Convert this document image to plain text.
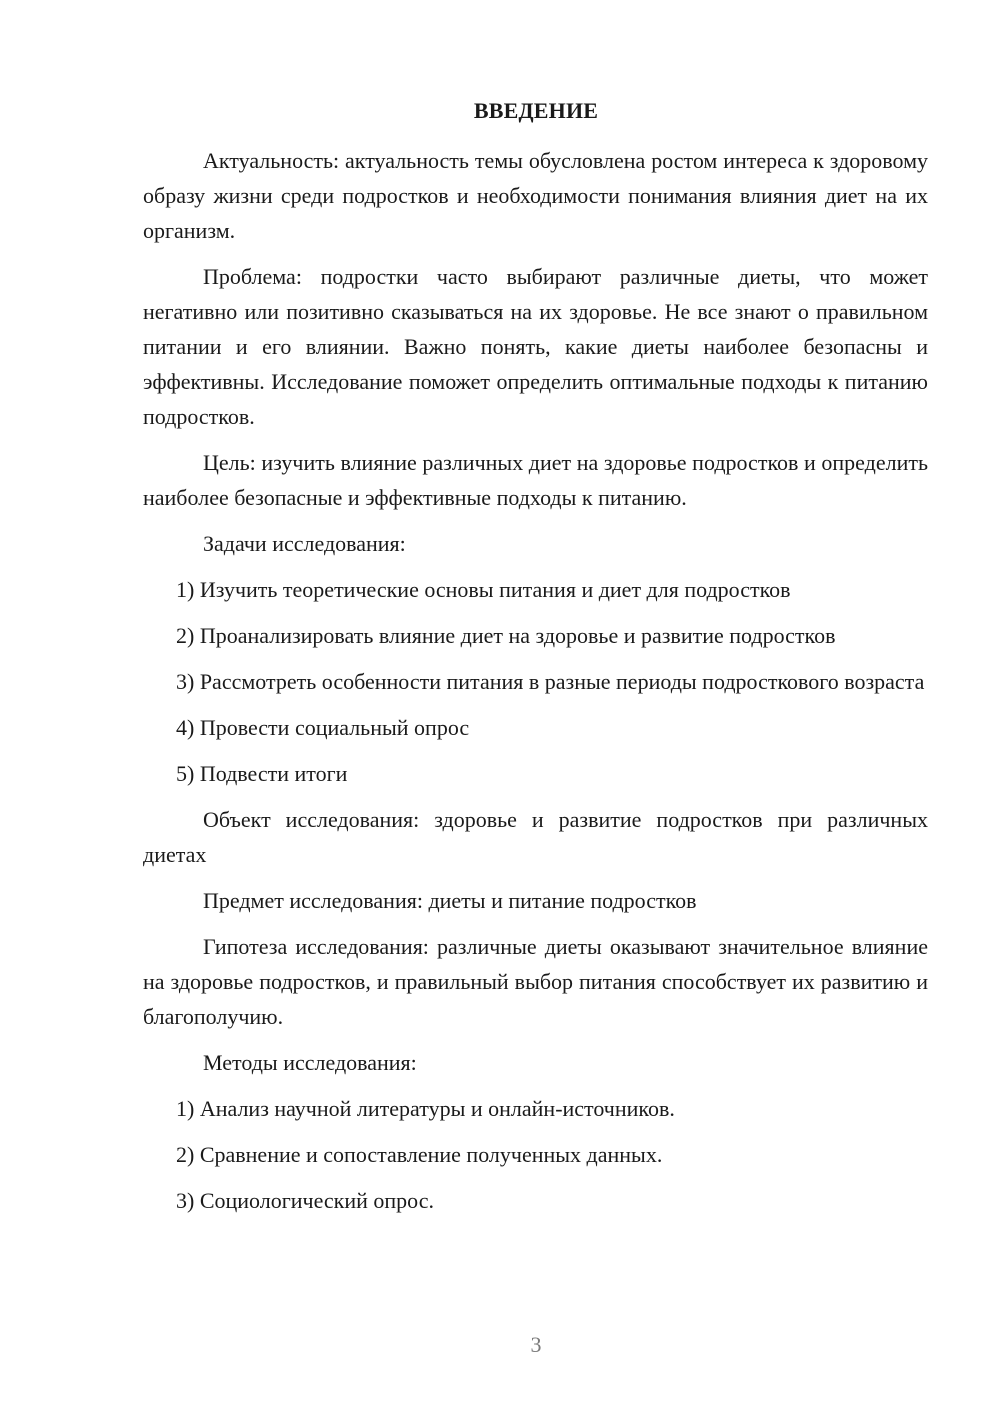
ВВЕДЕНИЕ

Актуальность: актуальность темы обусловлена ростом интереса к здоровому образу жизни среди подростков и необходимости понимания влияния диет на их организм.

Проблема: подростки часто выбирают различные диеты, что может негативно или позитивно сказываться на их здоровье. Не все знают о правильном питании и его влиянии. Важно понять, какие диеты наиболее безопасны и эффективны. Исследование поможет определить оптимальные подходы к питанию подростков.

Цель: изучить влияние различных диет на здоровье подростков и определить наиболее безопасные и эффективные подходы к питанию.

Задачи исследования:

1) Изучить теоретические основы питания и диет для подростков

2) Проанализировать влияние диет на здоровье и развитие подростков

3) Рассмотреть особенности питания в разные периоды подросткового возраста

4) Провести социальный опрос

5) Подвести итоги

Объект исследования: здоровье и развитие подростков при различных диетах

Предмет исследования: диеты и питание подростков

Гипотеза исследования: различные диеты оказывают значительное влияние на здоровье подростков, и правильный выбор питания способствует их развитию и благополучию.

Методы исследования:

1) Анализ научной литературы и онлайн-источников.

2) Сравнение и сопоставление полученных данных.

3) Социологический опрос.

3
